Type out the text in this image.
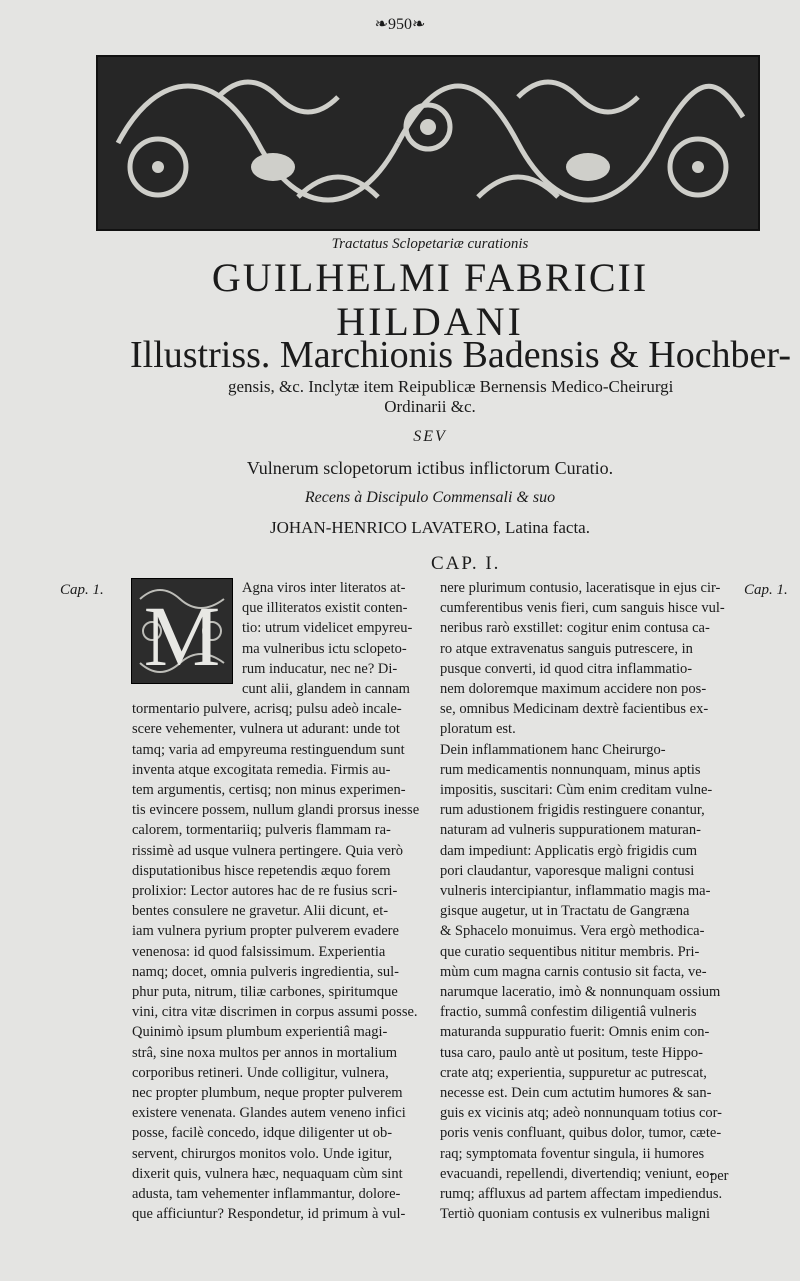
❧950❧
Tractatus Sclopetariæ curationis
GUILHELMI FABRICII
HILDANI
Illustriss. Marchionis Badensis & Hochber-
gensis, &c. Inclytæ item Reipublicæ Bernensis Medico-Cheirurgi
Ordinarii &c.
SEV
Vulnerum sclopetorum ictibus inflictorum Curatio.
Recens à Discipulo Commensali & suo
JOHAN-HENRICO LAVATERO, Latina facta.
CAP. I.
Cap. 1.	Cap. 1.
M	Agna viros inter literatos at-
que illiteratos existit conten-
tio: utrum videlicet empyreu-
ma vulneribus ictu sclopeto-
rum inducatur, nec ne? Di-
cunt alii, glandem in cannam
tormentario pulvere, acrisq; pulsu adeò incale-
scere vehementer, vulnera ut adurant: unde tot
tamq; varia ad empyreuma restinguendum sunt
inventa atque excogitata remedia. Firmis au-
tem argumentis, certisq; non minus experimen-
tis evincere possem, nullum glandi prorsus inesse
calorem, tormentariiq; pulveris flammam ra-
rissimè ad usque vulnera pertingere. Quia verò
disputationibus hisce repetendis æquo forem
prolixior: Lector autores hac de re fusius scri-
bentes consulere ne gravetur. Alii dicunt, et-
iam vulnera pyrium propter pulverem evadere
venenosa: id quod falsissimum. Experientia
namq; docet, omnia pulveris ingredientia, sul-
phur puta, nitrum, tiliæ carbones, spiritumque
vini, citra vitæ discrimen in corpus assumi posse.
Quinimò ipsum plumbum experientiâ magi-
strâ, sine noxa multos per annos in mortalium
corporibus retineri. Unde colligitur, vulnera,
nec propter plumbum, neque propter pulverem
existere venenata. Glandes autem veneno infici
posse, facilè concedo, idque diligenter ut ob-
servent, chirurgos monitos volo. Unde igitur,
dixerit quis, vulnera hæc, nequaquam cùm sint
adusta, tam vehementer inflammantur, dolore-
que afficiuntur? Respondetur, id primum à vul-
nere plurimum contusio, laceratisque in ejus cir-
cumferentibus venis fieri, cum sanguis hisce vul-
neribus rarò exstillet: cogitur enim contusa ca-
ro atque extravenatus sanguis putrescere, in
pusque converti, id quod citra inflammatio-
nem doloremque maximum accidere non pos-
se, omnibus Medicinam dextrè facientibus ex-
ploratum est.
Dein inflammationem hanc Cheirurgo-
rum medicamentis nonnunquam, minus aptis
impositis, suscitari: Cùm enim creditam vulne-
rum adustionem frigidis restinguere conantur,
naturam ad vulneris suppurationem maturan-
dam impediunt: Applicatis ergò frigidis cum
pori claudantur, vaporesque maligni contusi
vulneris intercipiantur, inflammatio magis ma-
gisque augetur, ut in Tractatu de Gangræna
& Sphacelo monuimus. Vera ergò methodica-
que curatio sequentibus nititur membris. Pri-
mùm cum magna carnis contusio sit facta, ve-
narumque laceratio, imò & nonnunquam ossium
fractio, summâ confestim diligentiâ vulneris
maturanda suppuratio fuerit: Omnis enim con-
tusa caro, paulo antè ut positum, teste Hippo-
crate atq; experientia, suppuretur ac putrescat,
necesse est. Dein cum actutim humores & san-
guis ex vicinis atq; adeò nonnunquam totius cor-
poris venis confluant, quibus dolor, tumor, cæte-
raq; symptomata foventur singula, ii humores
evacuandi, repellendi, divertendiq; veniunt, eo-
rumq; affluxus ad partem affectam impediendus.
Tertiò quoniam contusis ex vulneribus maligni
per
